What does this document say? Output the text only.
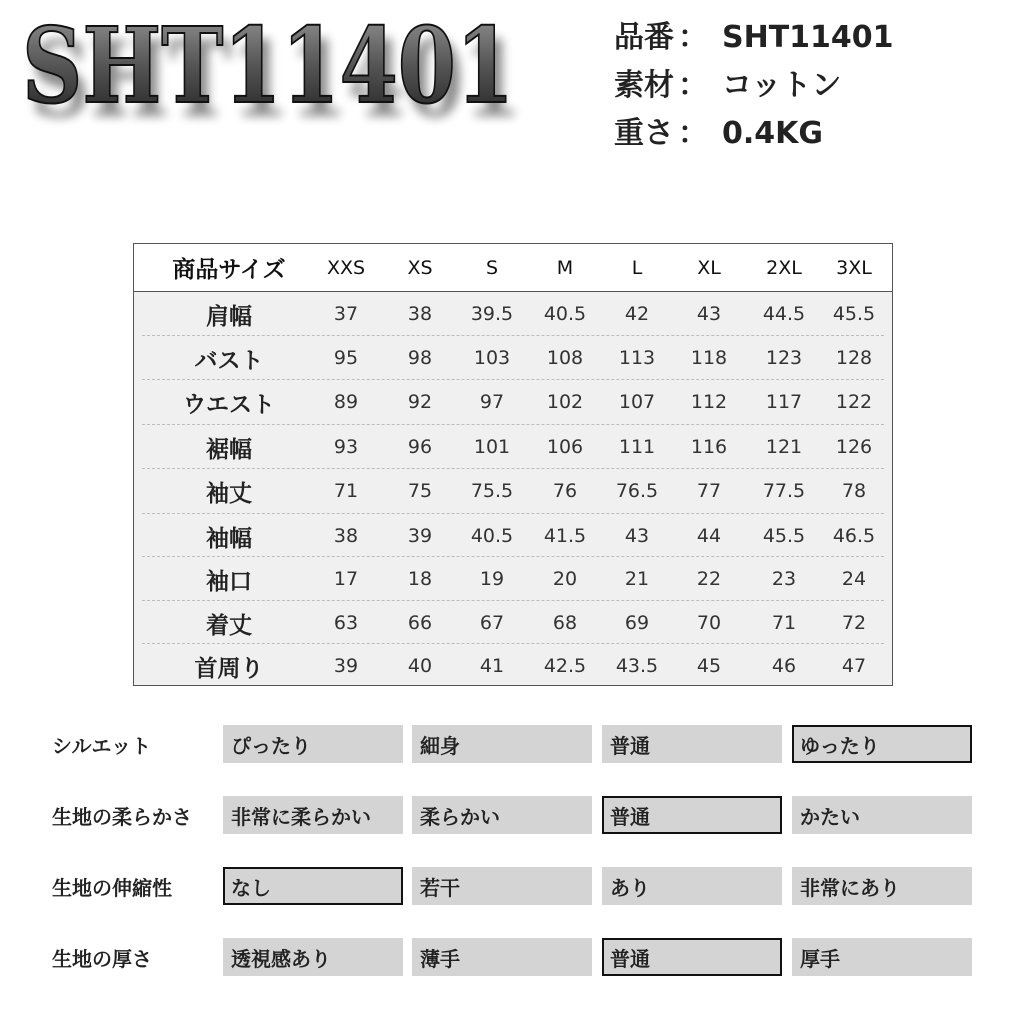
SHT11401
SHT11401	品番 ： SHT11401
素材 ： コットン
重さ ： 0.4KG
商品サイズ	XXS	XS	S	M	L	XL	2XL	3XL
肩幅	37	38	39.5	40.5	42	43	44.5	45.5
バスト	95	98	103	108	113	118	123	128
ウエスト	89	92	97	102	107	112	117	122
裾幅	93	96	101	106	111	116	121	126
袖丈	71	75	75.5	76	76.5	77	77.5	78
袖幅	38	39	40.5	41.5	43	44	45.5	46.5
袖口	17	18	19	20	21	22	23	24
着丈	63	66	67	68	69	70	71	72
首周り	39	40	41	42.5	43.5	45	46	47
シルエット	ぴったり	細身	普通	ゆったり
生地の柔らかさ	非常に柔らかい	柔らかい	普通	かたい
生地の伸縮性	なし	若干	あり	非常にあり
生地の厚さ	透視感あり	薄手	普通	厚手
